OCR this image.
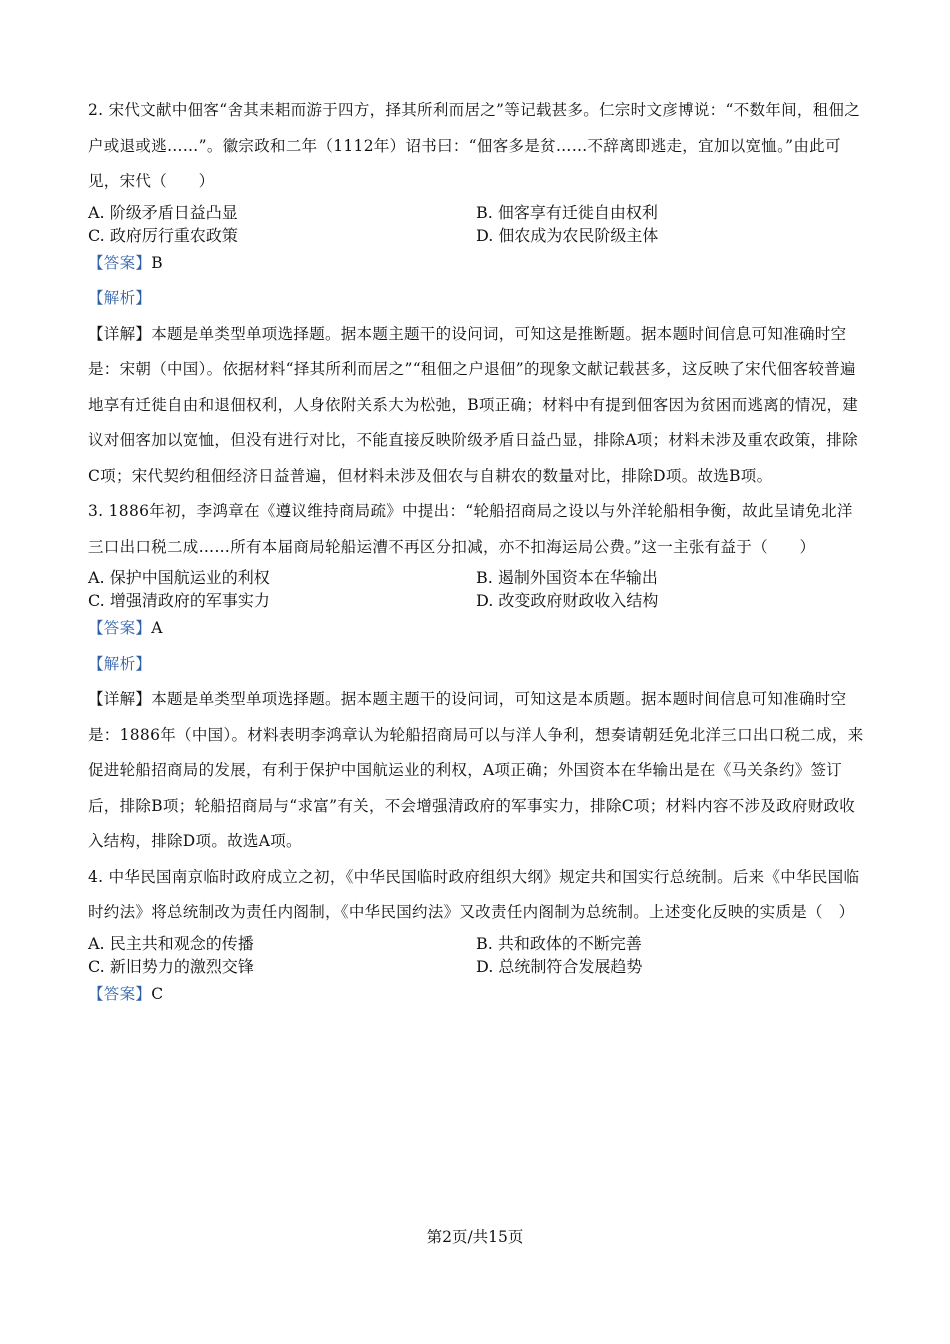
2. 宋代文献中佃客“舍其耒耜而游于四方，择其所利而居之”等记载甚多。仁宗时文彦博说：“不数年间，租佃之户或退或逃……”。徽宗政和二年（1112年）诏书曰：“佃客多是贫……不辞离即逃走，宜加以宽恤。”由此可见，宋代（　　）

A. 阶级矛盾日益凸显	B. 佃客享有迁徙自由权利
C. 政府厉行重农政策	D. 佃农成为农民阶级主体

【答案】B

【解析】

【详解】本题是单类型单项选择题。据本题主题干的设问词，可知这是推断题。据本题时间信息可知准确时空是：宋朝（中国）。依据材料“择其所利而居之”“租佃之户退佃”的现象文献记载甚多，这反映了宋代佃客较普遍地享有迁徙自由和退佃权利，人身依附关系大为松弛，B项正确；材料中有提到佃客因为贫困而逃离的情况，建议对佃客加以宽恤，但没有进行对比，不能直接反映阶级矛盾日益凸显，排除A项；材料未涉及重农政策，排除C项；宋代契约租佃经济日益普遍，但材料未涉及佃农与自耕农的数量对比，排除D项。故选B项。

3. 1886年初，李鸿章在《遵议维持商局疏》中提出：“轮船招商局之设以与外洋轮船相争衡，故此呈请免北洋三口出口税二成……所有本届商局轮船运漕不再区分扣减，亦不扣海运局公费。”这一主张有益于（　　）

A. 保护中国航运业的利权	B. 遏制外国资本在华输出
C. 增强清政府的军事实力	D. 改变政府财政收入结构

【答案】A

【解析】

【详解】本题是单类型单项选择题。据本题主题干的设问词，可知这是本质题。据本题时间信息可知准确时空是：1886年（中国）。材料表明李鸿章认为轮船招商局可以与洋人争利，想奏请朝廷免北洋三口出口税二成，来促进轮船招商局的发展，有利于保护中国航运业的利权，A项正确；外国资本在华输出是在《马关条约》签订后，排除B项；轮船招商局与“求富”有关，不会增强清政府的军事实力，排除C项；材料内容不涉及政府财政收入结构，排除D项。故选A项。

4. 中华民国南京临时政府成立之初，《中华民国临时政府组织大纲》规定共和国实行总统制。后来《中华民国临时约法》将总统制改为责任内阁制，《中华民国约法》又改责任内阁制为总统制。上述变化反映的实质是（　）

A. 民主共和观念的传播	B. 共和政体的不断完善
C. 新旧势力的激烈交锋	D. 总统制符合发展趋势

【答案】C

第2页/共15页
